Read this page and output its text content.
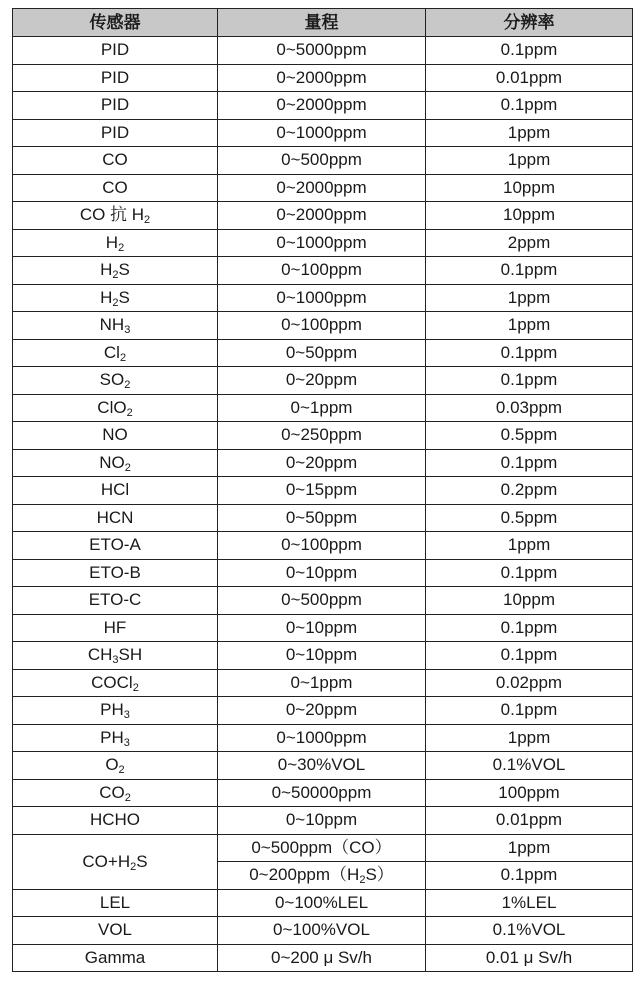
传感器	量程	分辨率
PID	0~5000ppm	0.1ppm
PID	0~2000ppm	0.01ppm
PID	0~2000ppm	0.1ppm
PID	0~1000ppm	1ppm
CO	0~500ppm	1ppm
CO	0~2000ppm	10ppm
CO 抗 $H_2$	0~2000ppm	10ppm
$H_2$	0~1000ppm	2ppm
$H_2S$	0~100ppm	0.1ppm
$H_2S$	0~1000ppm	1ppm
$NH_3$	0~100ppm	1ppm
$Cl_2$	0~50ppm	0.1ppm
$SO_2$	0~20ppm	0.1ppm
ClO$_2$	0~1ppm	0.03ppm
NO	0~250ppm	0.5ppm
$NO_2$	0~20ppm	0.1ppm
HCl	0~15ppm	0.2ppm
HCN	0~50ppm	0.5ppm
ETO-A	0~100ppm	1ppm
ETO-B	0~10ppm	0.1ppm
ETO-C	0~500ppm	10ppm
HF	0~10ppm	0.1ppm
$CH_3SH$	0~10ppm	0.1ppm
COCl$_2$	0~1ppm	0.02ppm
$PH_3$	0~20ppm	0.1ppm
$PH_3$	0~1000ppm	1ppm
$O_2$	0~30%VOL	0.1%VOL
$CO_2$	0~50000ppm	100ppm
HCHO	0~10ppm	0.01ppm
$CO+H_2S$	0~500ppm（CO）	1ppm
	$0\sim 200ppm(H_2S)$	0.1ppm
LEL	0~100%LEL	1%LEL
VOL	0~100%VOL	0.1%VOL
Gamma	0~200 μ Sv/h	0.01 μ Sv/h
